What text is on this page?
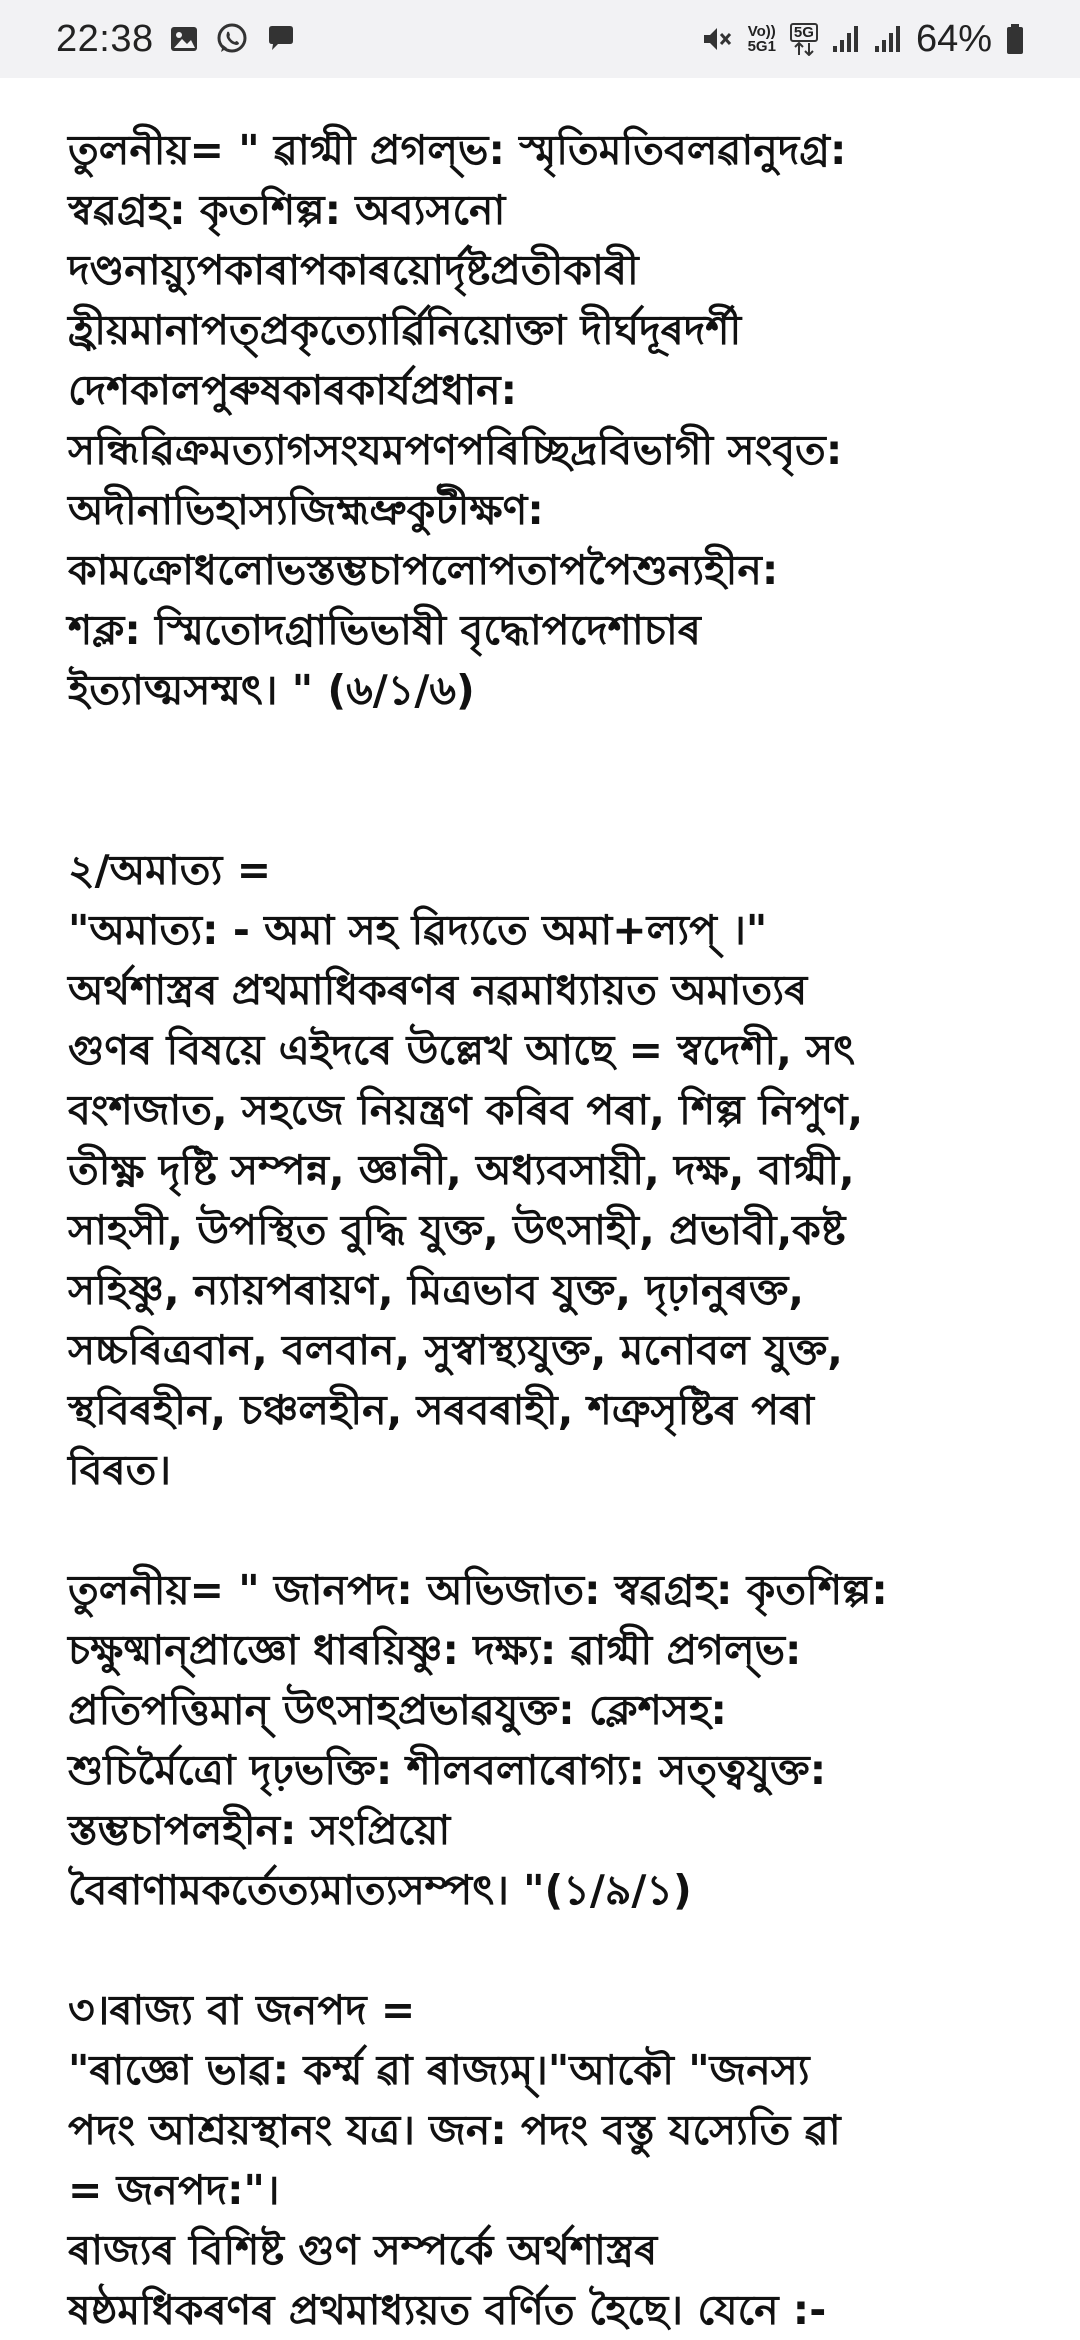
22:38	Vo))
5G1
5G	64%

তুলনীয়= " ৱাগ্মী প্ৰগল্ভ: স্মৃতিমতিবলৱানুদগ্ৰ:
স্বৱগ্ৰহ: কৃতশিল্প: অব্যসনো
দণ্ডনায়্যুপকাৰাপকাৰয়োৰ্দৃষ্টপ্ৰতীকাৰী
হ্ৰীয়মানাপত্প্ৰকৃত্যোৰ্ৱিনিয়োক্তা দীৰ্ঘদূৰদৰ্শী
দেশকালপুৰুষকাৰকাৰ্যপ্ৰধান:
সন্ধিৱিক্ৰমত্যাগসংযমপণপৰিচ্ছিদ্ৰবিভাগী সংবৃত:
অদীনাভিহাস্যজিহ্মভ্ৰুকুটীক্ষণ:
কামক্ৰোধলোভস্তম্ভচাপলোপতাপপৈশুন্যহীন:
শক্ল: স্মিতোদগ্ৰাভিভাষী বৃদ্ধোপদেশাচাৰ
ইত্যাত্মসম্মৎ। " (৬/১/৬)

২/অমাত্য =

"অমাত্য: - অমা সহ ৱিদ্যতে অমা+ল্যপ্ ।"
অৰ্থশাস্ত্ৰৰ প্ৰথমাধিকৰণৰ নৱমাধ্যায়ত অমাত্যৰ
গুণৰ বিষয়ে এইদৰে উল্লেখ আছে = স্বদেশী, সৎ
বংশজাত, সহজে নিয়ন্ত্ৰণ কৰিব পৰা, শিল্প নিপুণ,
তীক্ষ্ণ দৃষ্টি সম্পন্ন, জ্ঞানী, অধ্যবসায়ী, দক্ষ, বাগ্মী,
সাহসী, উপস্থিত বুদ্ধি যুক্ত, উৎসাহী, প্ৰভাবী,কষ্ট
সহিষ্ণু, ন্যায়পৰায়ণ, মিত্ৰভাব যুক্ত, দৃঢ়ানুৰক্ত,
সচ্চৰিত্ৰবান, বলবান, সুস্বাস্থ্যযুক্ত, মনোবল যুক্ত,
স্থবিৰহীন, চঞ্চলহীন, সৰবৰাহী, শত্ৰুসৃষ্টিৰ পৰা
বিৰত।

তুলনীয়= " জানপদ: অভিজাত: স্বৱগ্ৰহ: কৃতশিল্প:
চক্ষুষ্মান্প্ৰাজ্ঞো ধাৰয়িষ্ণু: দক্ষ্য: ৱাগ্মী প্ৰগল্ভ:
প্ৰতিপত্তিমান্ উৎসাহপ্ৰভাৱযুক্ত: ক্লেশসহ:
শুচিৰ্মৈত্ৰো দৃঢ়ভক্তি: শীলবলাৰোগ্য: সত্ত্বযুক্ত:
স্তম্ভচাপলহীন: সংপ্ৰিয়ো
বৈৰাণামকৰ্তেত্যমাত্যসম্পৎ। "(১/৯/১)

৩।ৰাজ্য বা জনপদ =

"ৰাজ্ঞো ভাৱ: কৰ্ম্ম ৱা ৰাজ্যম্।"আকৌ "জনস্য
পদং আশ্ৰয়স্থানং যত্ৰ। জন: পদং বস্তু যস্যেতি ৱা
= জনপদ:"।
ৰাজ্যৰ বিশিষ্ট গুণ সম্পৰ্কে অৰ্থশাস্ত্ৰৰ
ষষ্ঠমধিকৰণৰ প্ৰথমাধ্যয়ত বৰ্ণিত হৈছে। যেনে :-
